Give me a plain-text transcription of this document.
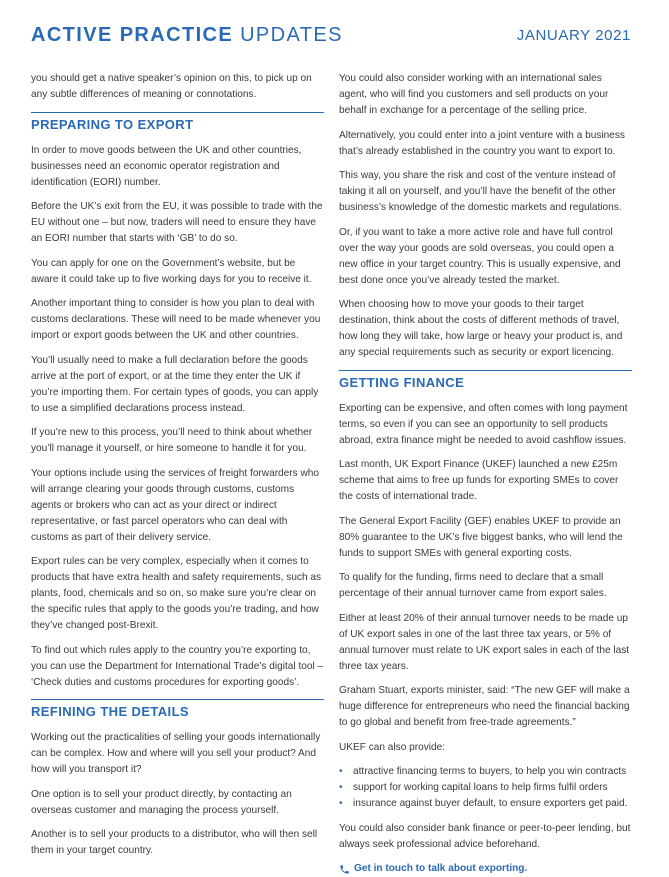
ACTIVE PRACTICE UPDATES	JANUARY 2021

you should get a native speaker’s opinion on this, to pick up on any subtle differences of meaning or connotations.

PREPARING TO EXPORT

In order to move goods between the UK and other countries, businesses need an economic operator registration and identification (EORI) number.

Before the UK’s exit from the EU, it was possible to trade with the EU without one – but now, traders will need to ensure they have an EORI number that starts with ‘GB’ to do so.

You can apply for one on the Government’s website, but be aware it could take up to five working days for you to receive it.

Another important thing to consider is how you plan to deal with customs declarations. These will need to be made whenever you import or export goods between the UK and other countries.

You’ll usually need to make a full declaration before the goods arrive at the port of export, or at the time they enter the UK if you’re importing them. For certain types of goods, you can apply to use a simplified declarations process instead.

If you’re new to this process, you’ll need to think about whether you’ll manage it yourself, or hire someone to handle it for you.

Your options include using the services of freight forwarders who will arrange clearing your goods through customs, customs agents or brokers who can act as your direct or indirect representative, or fast parcel operators who can deal with customs as part of their delivery service.

Export rules can be very complex, especially when it comes to products that have extra health and safety requirements, such as plants, food, chemicals and so on, so make sure you’re clear on the specific rules that apply to the goods you’re trading, and how they’ve changed post-Brexit.

To find out which rules apply to the country you’re exporting to, you can use the Department for International Trade’s digital tool – ‘Check duties and customs procedures for exporting goods’.

REFINING THE DETAILS

Working out the practicalities of selling your goods internationally can be complex. How and where will you sell your product? And how will you transport it?

One option is to sell your product directly, by contacting an overseas customer and managing the process yourself.

Another is to sell your products to a distributor, who will then sell them in your target country.

You could also consider working with an international sales agent, who will find you customers and sell products on your behalf in exchange for a percentage of the selling price.

Alternatively, you could enter into a joint venture with a business that’s already established in the country you want to export to.

This way, you share the risk and cost of the venture instead of taking it all on yourself, and you’ll have the benefit of the other business’s knowledge of the domestic markets and regulations.

Or, if you want to take a more active role and have full control over the way your goods are sold overseas, you could open a new office in your target country. This is usually expensive, and best done once you’ve already tested the market.

When choosing how to move your goods to their target destination, think about the costs of different methods of travel, how long they will take, how large or heavy your product is, and any special requirements such as security or export licencing.

GETTING FINANCE

Exporting can be expensive, and often comes with long payment terms, so even if you can see an opportunity to sell products abroad, extra finance might be needed to avoid cashflow issues.

Last month, UK Export Finance (UKEF) launched a new £25m scheme that aims to free up funds for exporting SMEs to cover the costs of international trade.

The General Export Facility (GEF) enables UKEF to provide an 80% guarantee to the UK’s five biggest banks, who will lend the funds to support SMEs with general exporting costs.

To qualify for the funding, firms need to declare that a small percentage of their annual turnover came from export sales.

Either at least 20% of their annual turnover needs to be made up of UK export sales in one of the last three tax years, or 5% of annual turnover must relate to UK export sales in each of the last three tax years.

Graham Stuart, exports minister, said: “The new GEF will make a huge difference for entrepreneurs who need the financial backing to go global and benefit from free-trade agreements.”

UKEF can also provide:

• attractive financing terms to buyers, to help you win contracts
• support for working capital loans to help firms fulfil orders
• insurance against buyer default, to ensure exporters get paid.

You could also consider bank finance or peer-to-peer lending, but always seek professional advice beforehand.

Get in touch to talk about exporting.
